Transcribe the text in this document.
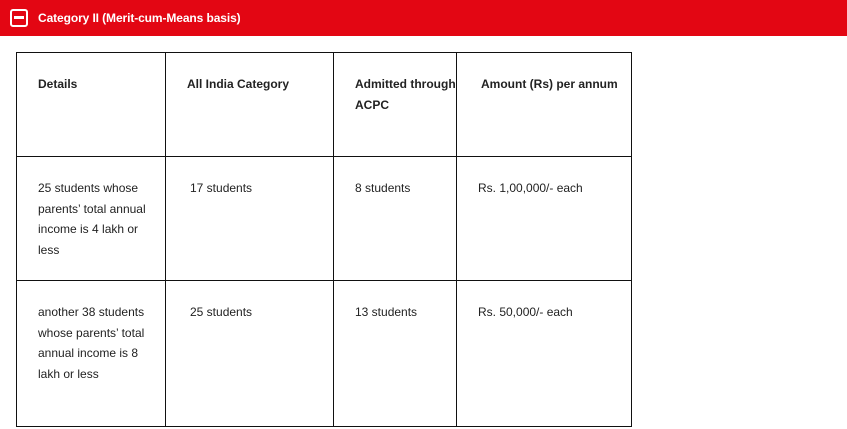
Category II (Merit-cum-Means basis)
Details	All India Category	Admitted through ACPC	Amount (Rs) per annum

25 students whose parents’ total annual income is 4 lakh or less	17 students	8 students	Rs. 1,00,000/- each

another 38 students whose parents’ total annual income is 8 lakh or less	25 students	13 students	Rs. 50,000/- each
